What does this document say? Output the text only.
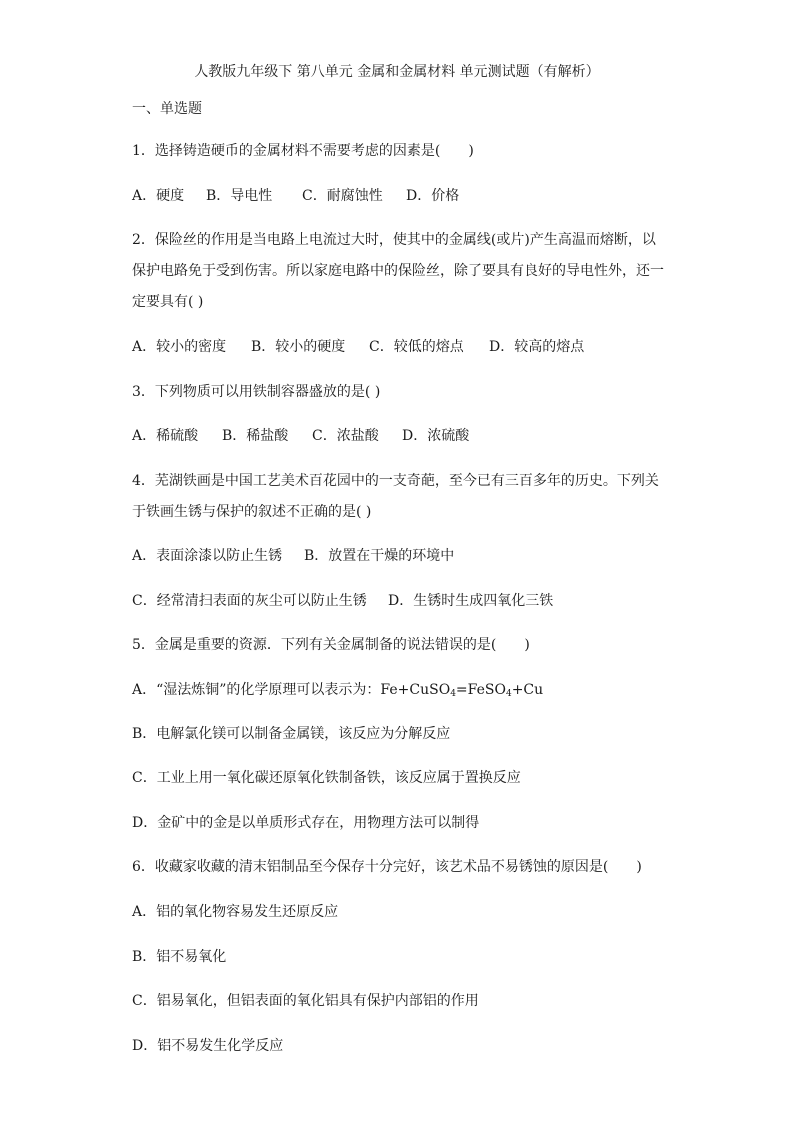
人教版九年级下 第八单元 金属和金属材料 单元测试题（有解析）
一、单选题
1．选择铸造硬币的金属材料不需要考虑的因素是(　　)
A．硬度 B．导电性 C．耐腐蚀性 D．价格
2．保险丝的作用是当电路上电流过大时，使其中的金属线(或片)产生高温而熔断，以
保护电路免于受到伤害。所以家庭电路中的保险丝，除了要具有良好的导电性外，还一
定要具有( )
A．较小的密度 B．较小的硬度 C．较低的熔点 D．较高的熔点
3．下列物质可以用铁制容器盛放的是( )
A．稀硫酸 B．稀盐酸 C．浓盐酸 D．浓硫酸
4．芜湖铁画是中国工艺美术百花园中的一支奇葩，至今已有三百多年的历史。下列关
于铁画生锈与保护的叙述不正确的是( )
A．表面涂漆以防止生锈 B．放置在干燥的环境中
C．经常清扫表面的灰尘可以防止生锈 D．生锈时生成四氧化三铁
5．金属是重要的资源．下列有关金属制备的说法错误的是(　　)
A．“湿法炼铜”的化学原理可以表示为：Fe+CuSO$_4$=FeSO$_4$+Cu
B．电解氯化镁可以制备金属镁，该反应为分解反应
C．工业上用一氧化碳还原氧化铁制备铁，该反应属于置换反应
D．金矿中的金是以单质形式存在，用物理方法可以制得
6．收藏家收藏的清末铝制品至今保存十分完好，该艺术品不易锈蚀的原因是(　　)
A．铝的氧化物容易发生还原反应
B．铝不易氧化
C．铝易氧化，但铝表面的氧化铝具有保护内部铝的作用
D．铝不易发生化学反应
